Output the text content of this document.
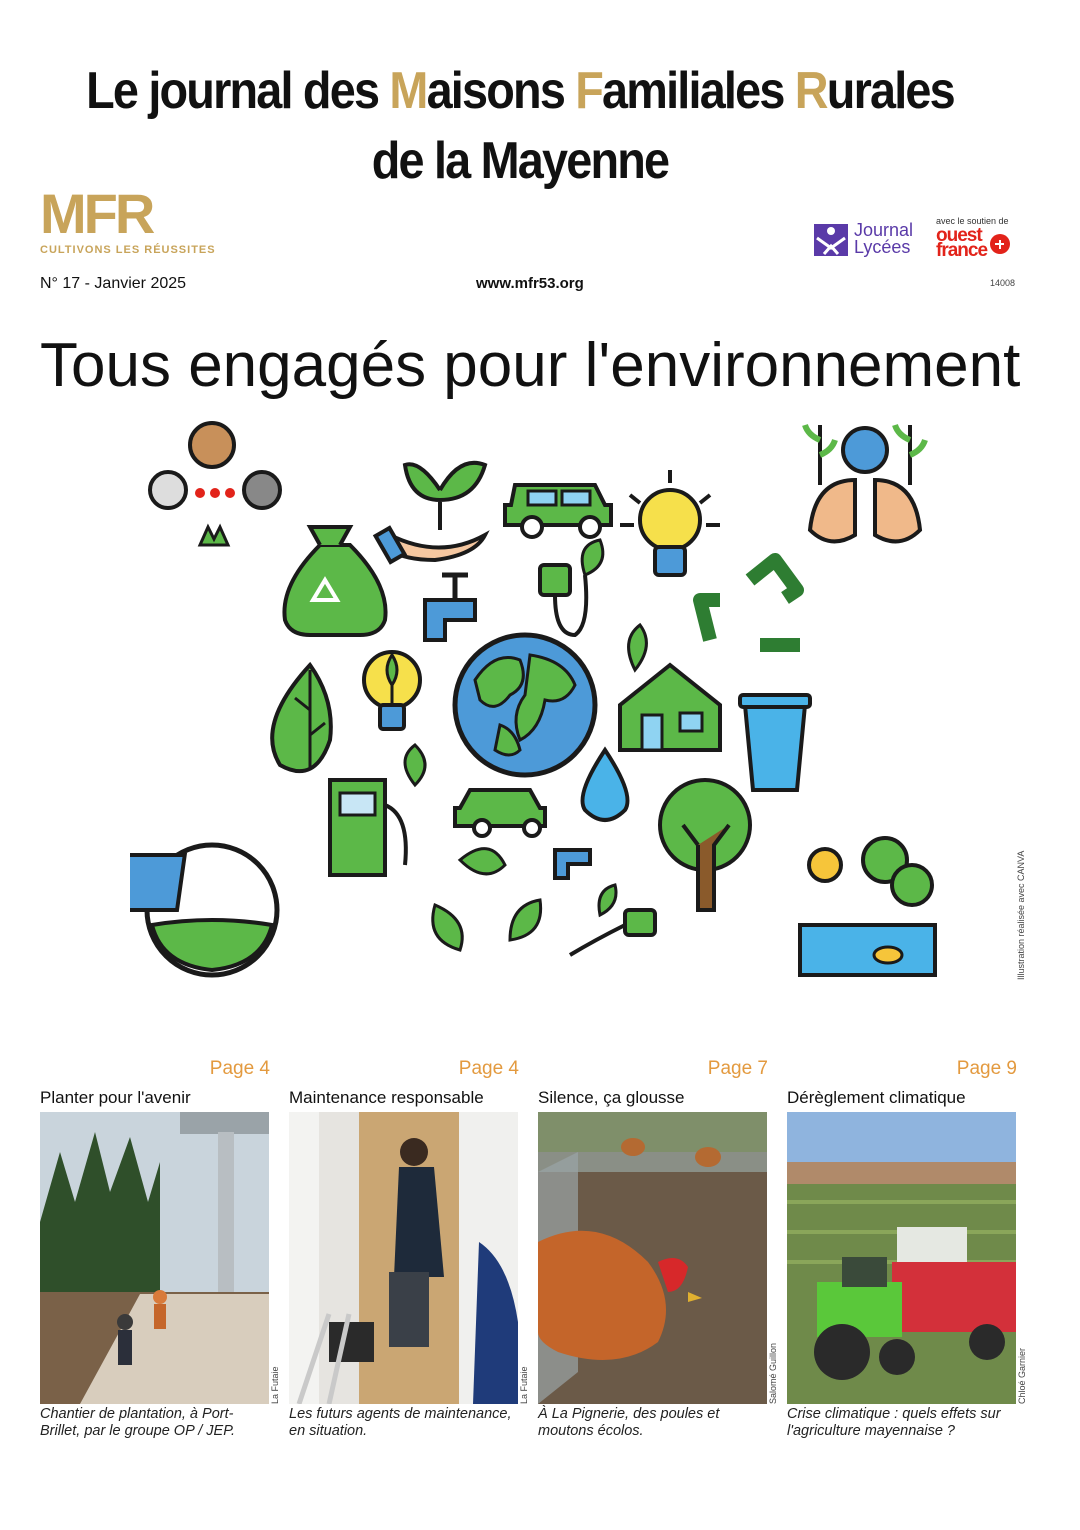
Le journal des Maisons Familiales Rurales
de la Mayenne
MFR
CULTIVONS LES RÉUSSITES
Journal
Lycées
avec le soutien de
ouest
france
N° 17 - Janvier 2025	www.mfr53.org	14008
Tous engagés pour l'environnement
Illustration réalisée avec CANVA
Page 4
Planter pour l'avenir
La Futaie
Chantier de plantation, à Port-Brillet, par le groupe OP / JEP.
Page 4
Maintenance responsable
La Futaie
Les futurs agents de maintenance, en situation.
Page 7
Silence, ça glousse
Salomé Guillon
À La Pignerie, des poules et moutons écolos.
Page 9
Dérèglement climatique
Chloé Garnier
Crise climatique : quels effets sur l'agriculture mayennaise ?
